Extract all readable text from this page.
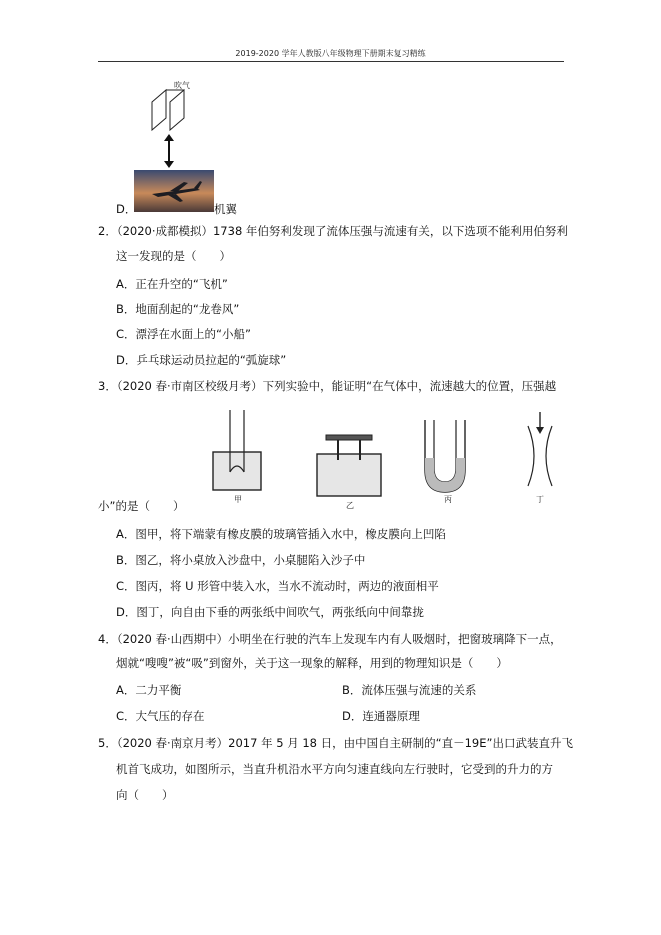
2019-2020 学年人教版八年级物理下册期末复习精练
吹气
D．	机翼
2．（2020·成都模拟）1738 年伯努利发现了流体压强与流速有关，以下选项不能利用伯努利
这一发现的是（　　）
A．正在升空的“飞机”
B．地面刮起的“龙卷风”
C．漂浮在水面上的“小船”
D．乒乓球运动员拉起的“弧旋球”
3．（2020 春·市南区校级月考）下列实验中，能证明“在气体中，流速越大的位置，压强越
甲
乙
丙	丁
小”的是（　　）
A．图甲，将下端蒙有橡皮膜的玻璃管插入水中，橡皮膜向上凹陷
B．图乙，将小桌放入沙盘中，小桌腿陷入沙子中
C．图丙，将 U 形管中装入水，当水不流动时，两边的液面相平
D．图丁，向自由下垂的两张纸中间吹气，两张纸向中间靠拢
4．（2020 春·山西期中）小明坐在行驶的汽车上发现车内有人吸烟时，把窗玻璃降下一点，
烟就“嗖嗖”被“吸”到窗外，关于这一现象的解释，用到的物理知识是（　　）
A．二力平衡	B．流体压强与流速的关系
C．大气压的存在	D．连通器原理
5．（2020 春·南京月考）2017 年 5 月 18 日，由中国自主研制的“直－19E”出口武装直升飞
机首飞成功，如图所示，当直升机沿水平方向匀速直线向左行驶时，它受到的升力的方
向（　　）
